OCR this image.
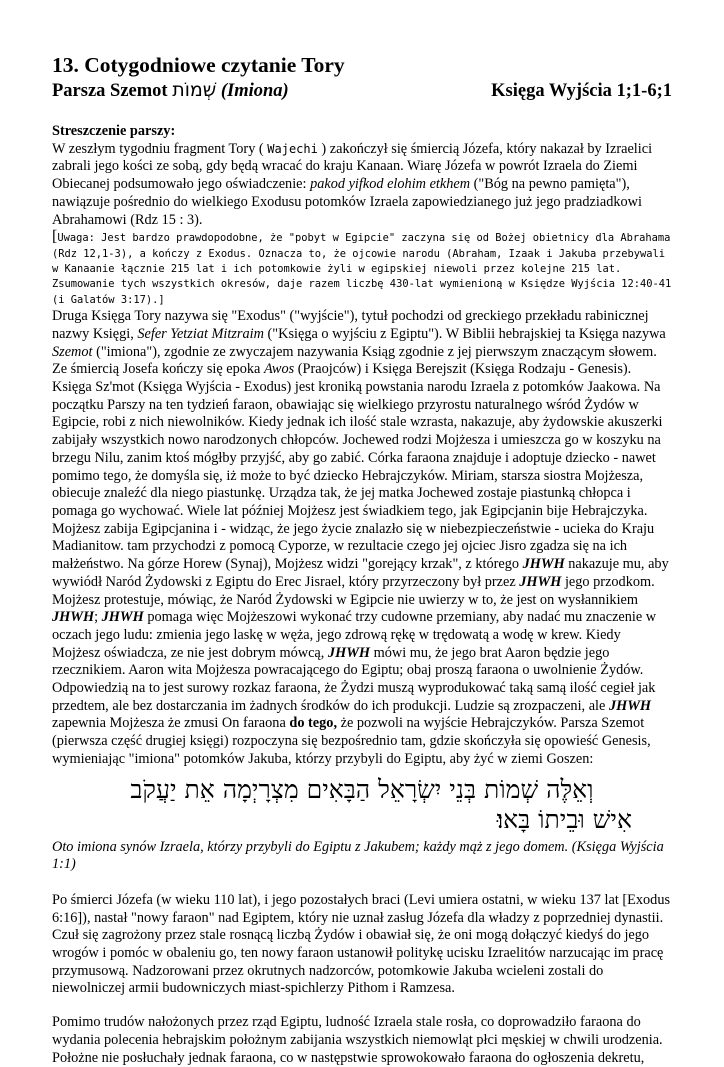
13. Cotygodniowe czytanie Tory
Parsza Szemot שְׁמוֹת (Imiona)	Księga Wyjścia 1;1-6;1

Streszczenie parszy:

W zeszłym tygodniu fragment Tory ( Wajechi ) zakończył się śmiercią Józefa, który nakazał by Izraelici zabrali jego kości ze sobą, gdy będą wracać do kraju Kanaan. Wiarę Józefa w powrót Izraela do Ziemi Obiecanej podsumowało jego oświadczenie: pakod yifkod elohim etkhem ("Bóg na pewno pamięta"), nawiązuje pośrednio do wielkiego Exodusu potomków Izraela zapowiedzianego już jego pradziadkowi Abrahamowi (Rdz 15 : 3).

[Uwaga: Jest bardzo prawdopodobne, że "pobyt w Egipcie" zaczyna się od Bożej obietnicy dla Abrahama (Rdz 12,1-3), a kończy z Exodus. Oznacza to, że ojcowie narodu (Abraham, Izaak i Jakuba przebywali w Kanaanie łącznie 215 lat i ich potomkowie żyli w egipskiej niewoli przez kolejne 215 lat. Zsumowanie tych wszystkich okresów, daje razem liczbę 430-lat wymienioną w Księdze Wyjścia 12:40-41 (i Galatów 3:17).]

Druga Księga Tory nazywa się "Exodus" ("wyjście"), tytuł pochodzi od greckiego przekładu rabinicznej nazwy Księgi, Sefer Yetziat Mitzraim ("Księga o wyjściu z Egiptu"). W Biblii hebrajskiej ta Księga nazywa Szemot ("imiona"), zgodnie ze zwyczajem nazywania Ksiąg zgodnie z jej pierwszym znaczącym słowem. Ze śmiercią Josefa kończy się epoka Awos (Praojców) i Księga Berejszit (Księga Rodzaju - Genesis). Księga Sz'mot (Księga Wyjścia - Exodus) jest kroniką powstania narodu Izraela z potomków Jaakowa. Na początku Parszy na ten tydzień faraon, obawiając się wielkiego przyrostu naturalnego wśród Żydów w Egipcie, robi z nich niewolników. Kiedy jednak ich ilość stale wzrasta, nakazuje, aby żydowskie akuszerki zabijały wszystkich nowo narodzonych chłopców. Jochewed rodzi Mojżesza i umieszcza go w koszyku na brzegu Nilu, zanim ktoś mógłby przyjść, aby go zabić. Córka faraona znajduje i adoptuje dziecko - nawet pomimo tego, że domyśla się, iż może to być dziecko Hebrajczyków. Miriam, starsza siostra Mojżesza, obiecuje znaleźć dla niego piastunkę. Urządza tak, że jej matka Jochewed zostaje piastunką chłopca i pomaga go wychować. Wiele lat później Mojżesz jest świadkiem tego, jak Egipcjanin bije Hebrajczyka. Mojżesz zabija Egipcjanina i - widząc, że jego życie znalazło się w niebezpieczeństwie - ucieka do Kraju Madianitow. tam przychodzi z pomocą Cyporze, w rezultacie czego jej ojciec Jisro zgadza się na ich małżeństwo. Na górze Horew (Synaj), Mojżesz widzi "gorejący krzak", z którego JHWH nakazuje mu, aby wywiódł Naród Żydowski z Egiptu do Erec Jisrael, który przyrzeczony był przez JHWH jego przodkom. Mojżesz protestuje, mówiąc, że Naród Żydowski w Egipcie nie uwierzy w to, że jest on wysłannikiem JHWH; JHWH pomaga więc Mojżeszowi wykonać trzy cudowne przemiany, aby nadać mu znaczenie w oczach jego ludu: zmienia jego laskę w węża, jego zdrową rękę w trędowatą a wodę w krew. Kiedy Mojżesz oświadcza, ze nie jest dobrym mówcą, JHWH mówi mu, że jego brat Aaron będzie jego rzecznikiem. Aaron wita Mojżesza powracającego do Egiptu; obaj proszą faraona o uwolnienie Żydów. Odpowiedzią na to jest surowy rozkaz faraona, że Żydzi muszą wyprodukować taką samą ilość cegieł jak przedtem, ale bez dostarczania im żadnych środków do ich produkcji. Ludzie są zrozpaczeni, ale JHWH zapewnia Mojżesza że zmusi On faraona do tego, że pozwoli na wyjście Hebrajczyków. Parsza Szemot (pierwsza część drugiej księgi) rozpoczyna się bezpośrednio tam, gdzie skończyła się opowieść Genesis, wymieniając "imiona" potomków Jakuba, którzy przybyli do Egiptu, aby żyć w ziemi Goszen:

וְאֵלֶּה שְׁמוֹת בְּנֵי יִשְׂרָאֵל הַבָּאִים מִצְרָיְמָה אֵת יַעֲקֹב
אִישׁ וּבֵיתוֹ בָּאוּ׃

Oto imiona synów Izraela, którzy przybyli do Egiptu z Jakubem; każdy mąż z jego domem. (Księga Wyjścia 1:1)

Po śmierci Józefa (w wieku 110 lat), i jego pozostałych braci (Levi umiera ostatni, w wieku 137 lat [Exodus 6:16]), nastał "nowy faraon" nad Egiptem, który nie uznał zasług Józefa dla władzy z poprzedniej dynastii. Czuł się zagrożony przez stale rosnącą liczbą Żydów i obawiał się, że oni mogą dołączyć kiedyś do jego wrogów i pomóc w obaleniu go, ten nowy faraon ustanowił politykę ucisku Izraelitów narzucając im pracę przymusową. Nadzorowani przez okrutnych nadzorców, potomkowie Jakuba wcieleni zostali do niewolniczej armii budowniczych miast-spichlerzy Pithom i Ramzesa.

Pomimo trudów nałożonych przez rząd Egiptu, ludność Izraela stale rosła, co doprowadziło faraona do wydania polecenia hebrajskim położnym zabijania wszystkich niemowląt płci męskiej w chwili urodzenia. Położne nie posłuchały jednak faraona, co w następstwie sprowokowało faraona do ogłoszenia dekretu,
